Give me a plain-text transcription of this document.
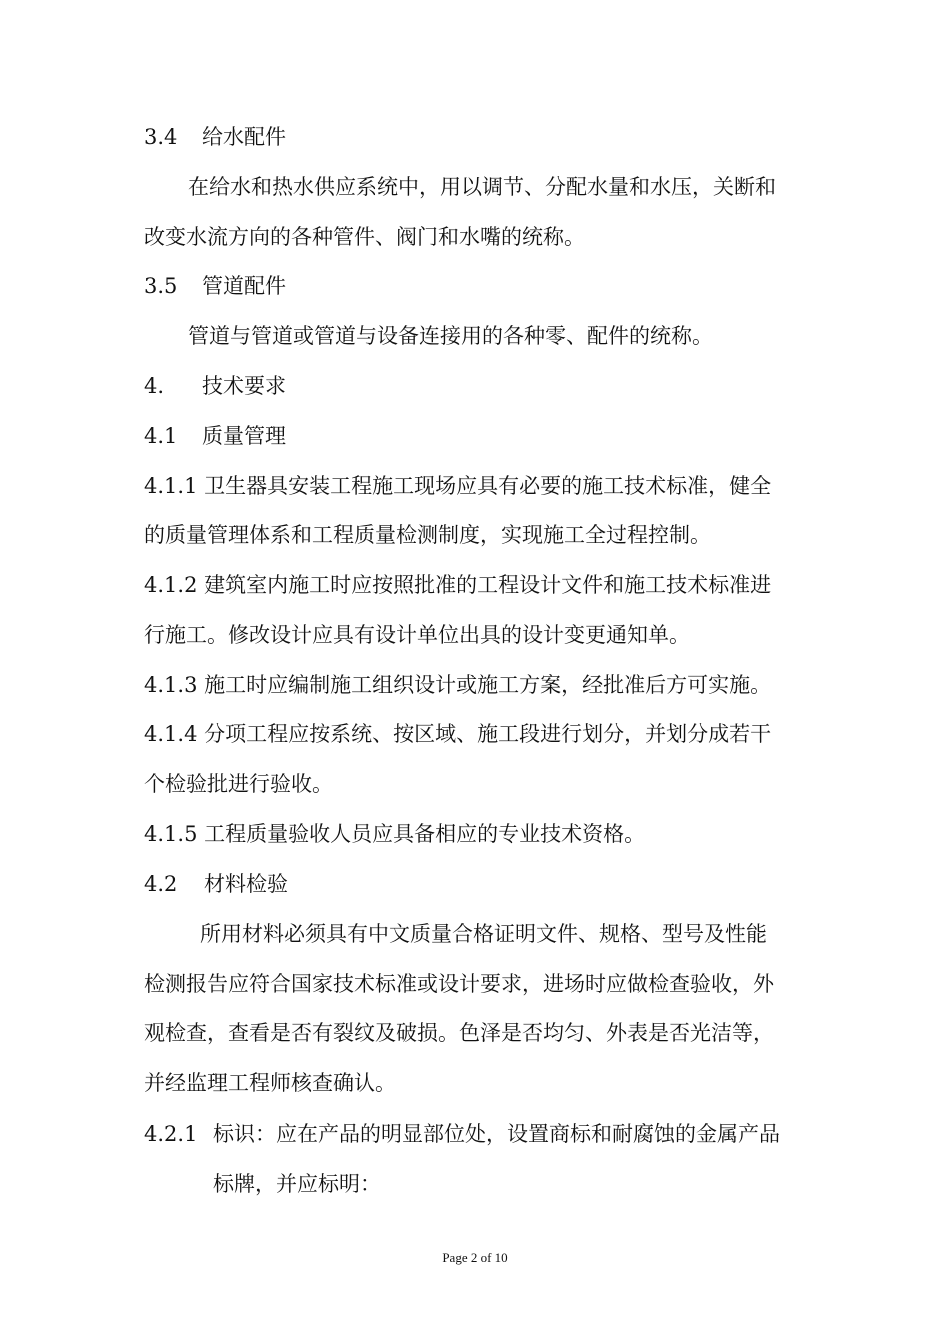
3.4 给水配件
在给水和热水供应系统中，用以调节、分配水量和水压，关断和
改变水流方向的各种管件、阀门和水嘴的统称。
3.5 管道配件
管道与管道或管道与设备连接用的各种零、配件的统称。
4. 技术要求
4.1 质量管理
4.1.1 卫生器具安装工程施工现场应具有必要的施工技术标准，健全
的质量管理体系和工程质量检测制度，实现施工全过程控制。
4.1.2 建筑室内施工时应按照批准的工程设计文件和施工技术标准进
行施工。修改设计应具有设计单位出具的设计变更通知单。
4.1.3 施工时应编制施工组织设计或施工方案，经批准后方可实施。
4.1.4 分项工程应按系统、按区域、施工段进行划分，并划分成若干
个检验批进行验收。
4.1.5 工程质量验收人员应具备相应的专业技术资格。
4.2 材料检验
所用材料必须具有中文质量合格证明文件、规格、型号及性能
检测报告应符合国家技术标准或设计要求，进场时应做检查验收，外
观检查，查看是否有裂纹及破损。色泽是否均匀、外表是否光洁等，
并经监理工程师核查确认。
4.2.1 标识：应在产品的明显部位处，设置商标和耐腐蚀的金属产品
标牌，并应标明：
Page 2 of 10
